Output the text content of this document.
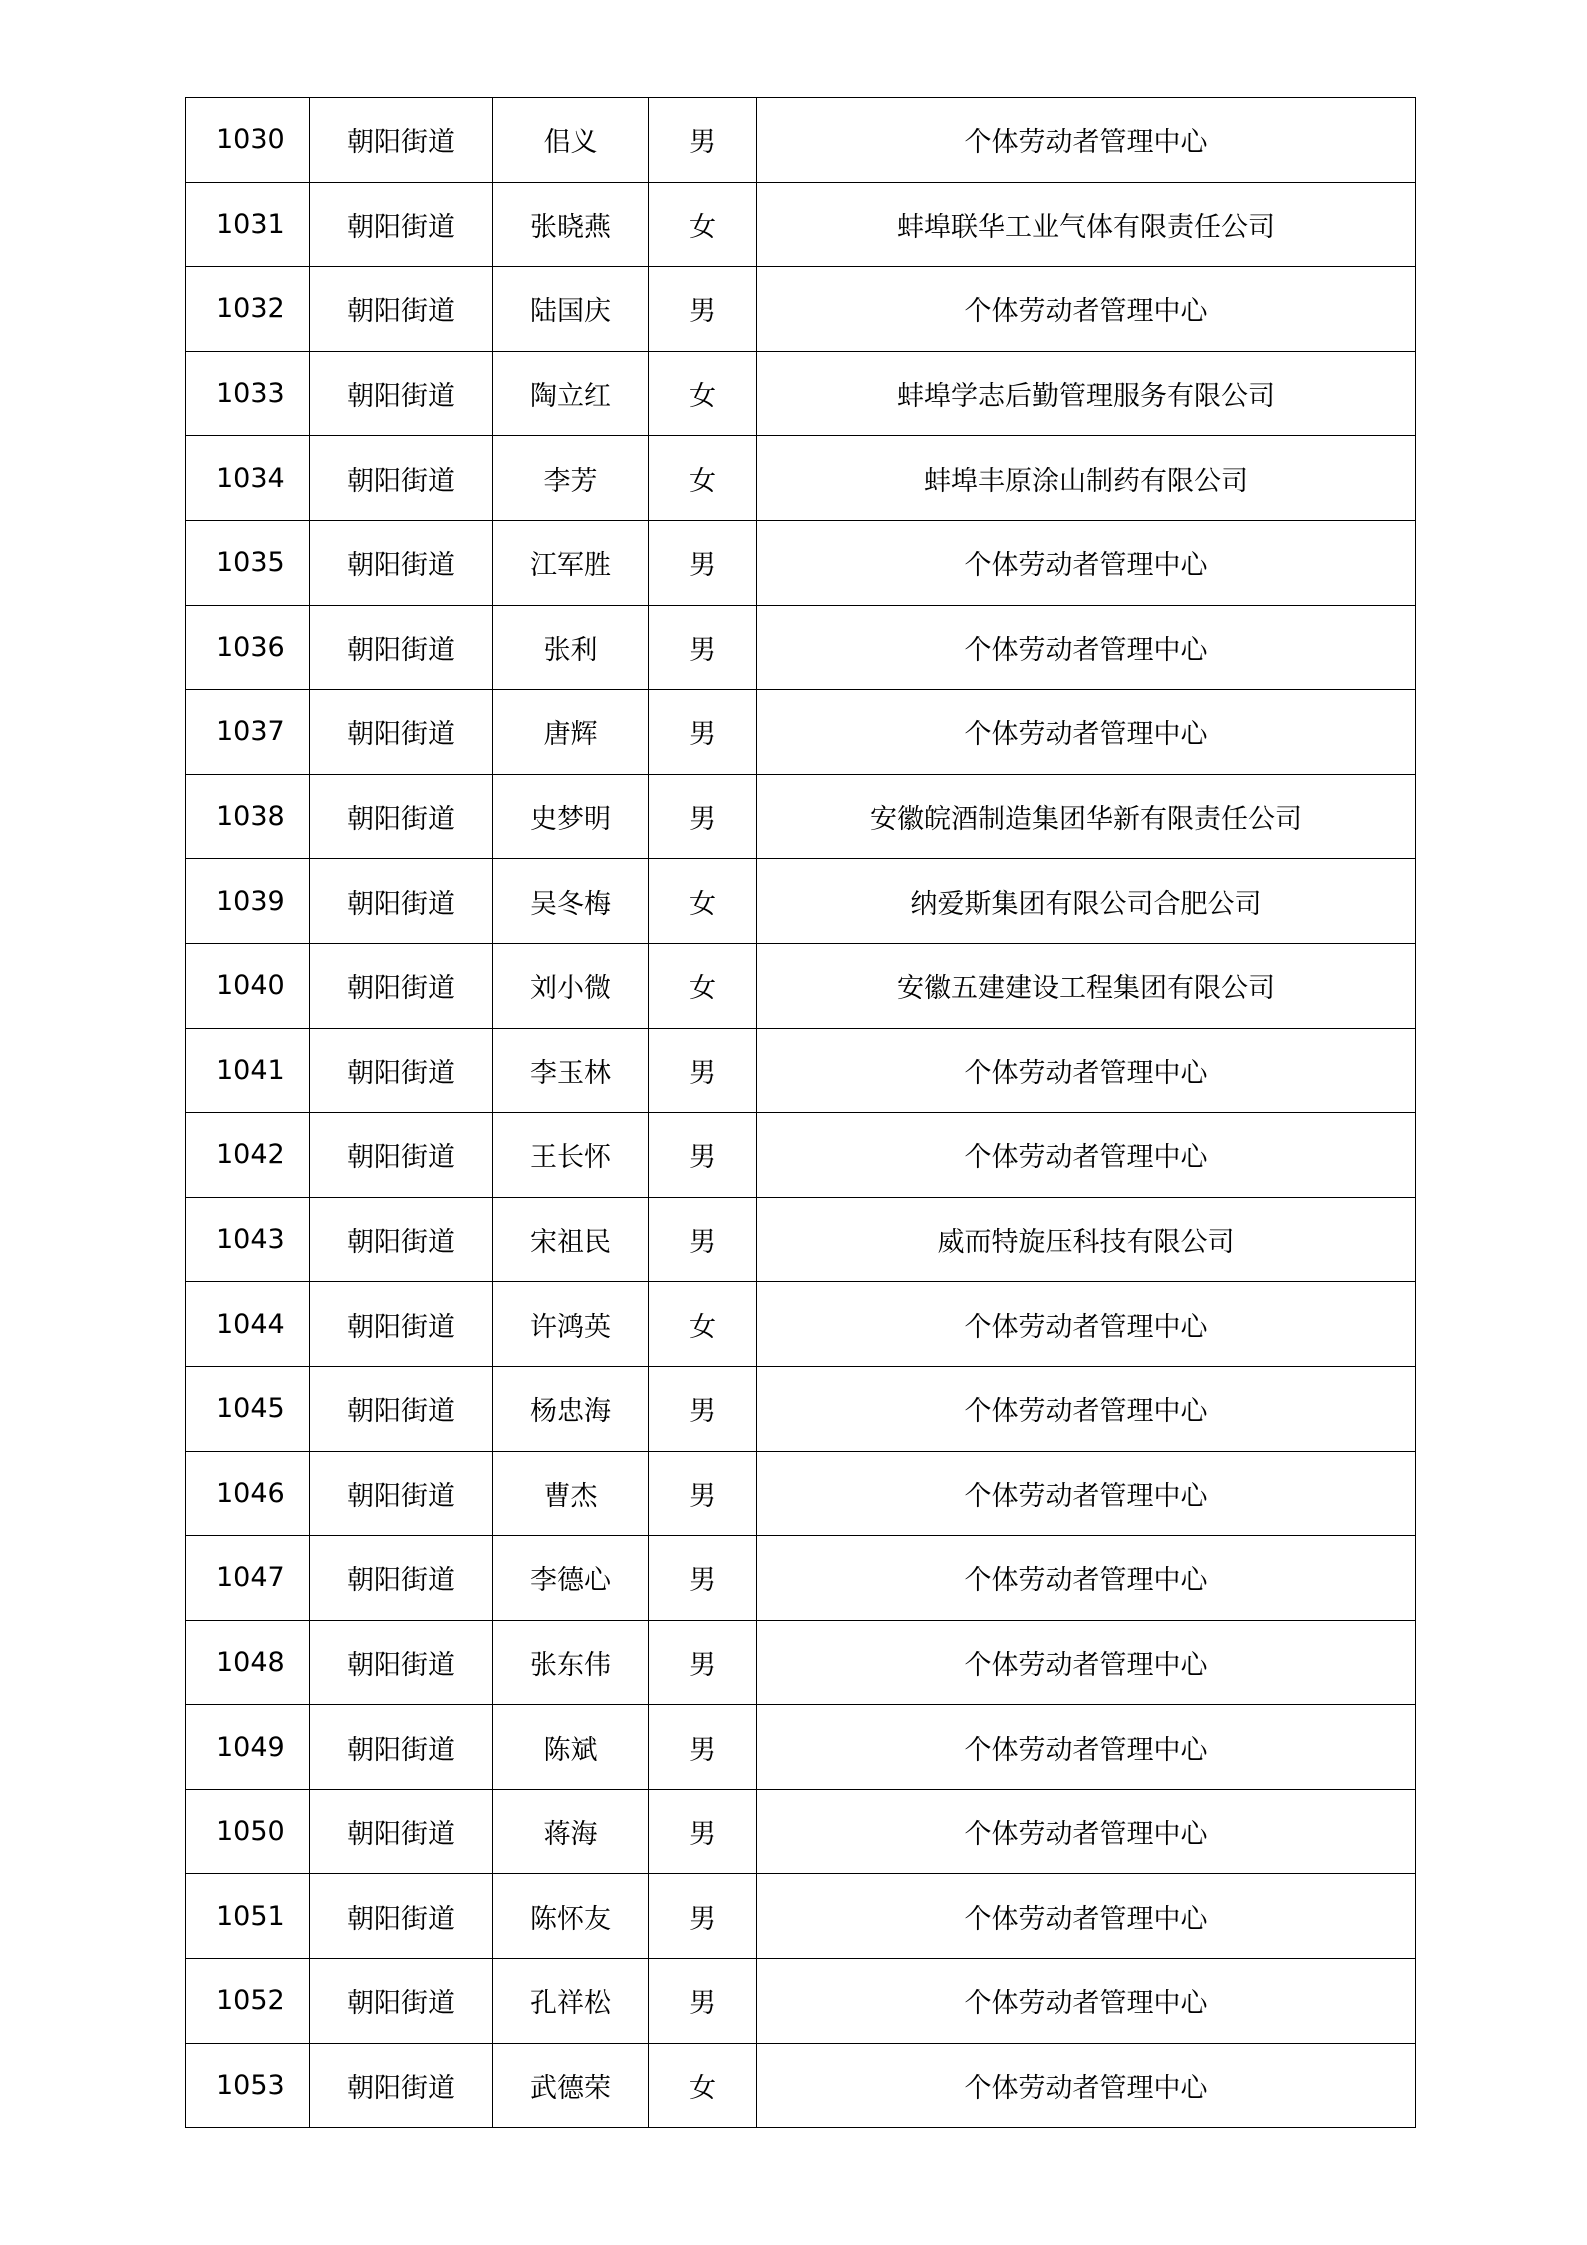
1030	朝阳街道	佀义	男	个体劳动者管理中心
1031	朝阳街道	张晓燕	女	蚌埠联华工业气体有限责任公司
1032	朝阳街道	陆国庆	男	个体劳动者管理中心
1033	朝阳街道	陶立红	女	蚌埠学志后勤管理服务有限公司
1034	朝阳街道	李芳	女	蚌埠丰原涂山制药有限公司
1035	朝阳街道	江军胜	男	个体劳动者管理中心
1036	朝阳街道	张利	男	个体劳动者管理中心
1037	朝阳街道	唐辉	男	个体劳动者管理中心
1038	朝阳街道	史梦明	男	安徽皖酒制造集团华新有限责任公司
1039	朝阳街道	吴冬梅	女	纳爱斯集团有限公司合肥公司
1040	朝阳街道	刘小微	女	安徽五建建设工程集团有限公司
1041	朝阳街道	李玉林	男	个体劳动者管理中心
1042	朝阳街道	王长怀	男	个体劳动者管理中心
1043	朝阳街道	宋祖民	男	威而特旋压科技有限公司
1044	朝阳街道	许鸿英	女	个体劳动者管理中心
1045	朝阳街道	杨忠海	男	个体劳动者管理中心
1046	朝阳街道	曹杰	男	个体劳动者管理中心
1047	朝阳街道	李德心	男	个体劳动者管理中心
1048	朝阳街道	张东伟	男	个体劳动者管理中心
1049	朝阳街道	陈斌	男	个体劳动者管理中心
1050	朝阳街道	蒋海	男	个体劳动者管理中心
1051	朝阳街道	陈怀友	男	个体劳动者管理中心
1052	朝阳街道	孔祥松	男	个体劳动者管理中心
1053	朝阳街道	武德荣	女	个体劳动者管理中心
